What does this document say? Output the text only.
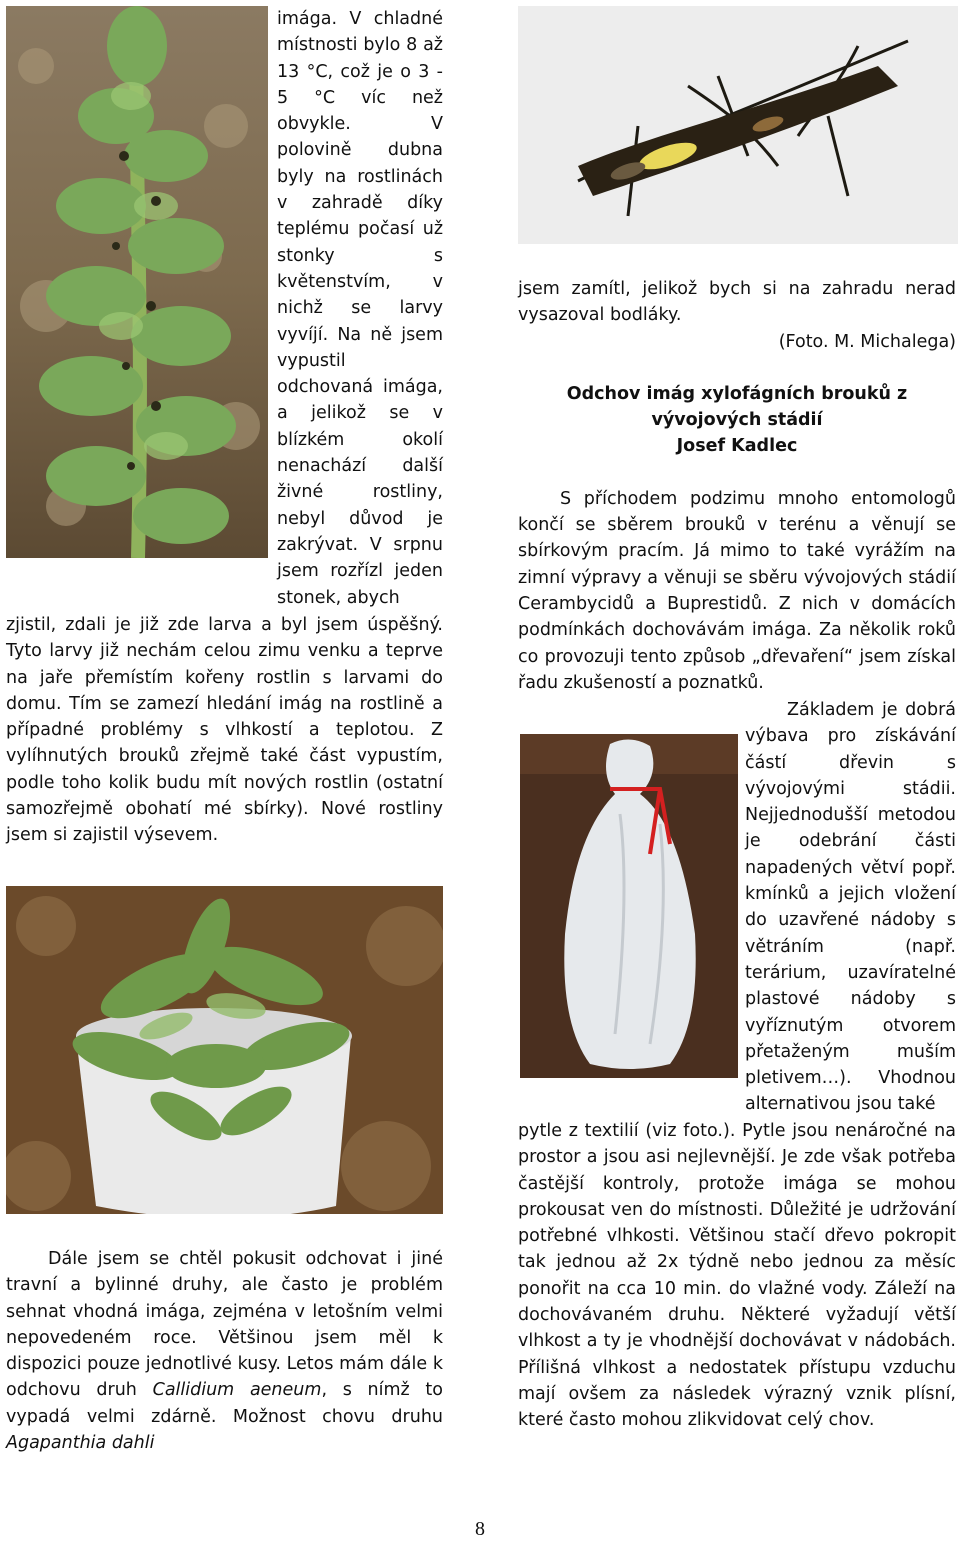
imága. V chladné místnosti bylo 8 až 13 °C, což je o 3 - 5 °C víc než obvykle. V polovině dubna byly na rostlinách v zahradě díky teplému počasí už stonky s květenstvím, v nichž se larvy vyvíjí. Na ně jsem vypustil odchovaná imága, a jelikož se v blízkém okolí nenachází další živné rostliny, nebyl důvod je zakrývat. V srpnu jsem rozřízl jeden stonek, abych

zjistil, zdali je již zde larva a byl jsem úspěšný. Tyto larvy již nechám celou zimu venku a teprve na jaře přemístím kořeny rostlin s larvami do domu. Tím se zamezí hledání imág na rostlině a případné problémy s vlhkostí a teplotou. Z vylíhnutých brouků zřejmě také část vypustím, podle toho kolik budu mít nových rostlin (ostatní samozřejmě obohatí mé sbírky). Nové rostliny jsem si zajistil výsevem.

Dále jsem se chtěl pokusit odchovat i jiné travní a bylinné druhy, ale často je problém sehnat vhodná imága, zejména v letošním velmi nepovedeném roce. Většinou jsem měl k dispozici pouze jednotlivé kusy. Letos mám dále k odchovu druh Callidium aeneum, s nímž to vypadá velmi zdárně. Možnost chovu druhu Agapanthia dahli

jsem zamítl, jelikož bych si na zahradu nerad vysazoval bodláky.

(Foto. M. Michalega)

Odchov imág xylofágních brouků z vývojových stádií

Josef Kadlec

S příchodem podzimu mnoho entomologů končí se sběrem brouků v terénu a věnují se sbírkovým pracím. Já mimo to také vyrážím na zimní výpravy a věnuji se sběru vývojových stádií Cerambycidů a Buprestidů. Z nich v domácích podmínkách dochovávám imága. Za několik roků co provozuji tento způsob „dřevaření“ jsem získal řadu zkušeností a poznatků.

Základem je dobrá výbava pro získávání částí dřevin s vývojovými stádii. Nejjednodušší metodou je odebrání části napadených větví popř. kmínků a jejich vložení do uzavřené nádoby s větráním (např. terárium, uzavíratelné plastové nádoby s vyříznutým otvorem přetaženým muším pletivem…). Vhodnou alternativou jsou také

pytle z textilií (viz foto.). Pytle jsou nenáročné na prostor a jsou asi nejlevnější. Je zde však potřeba častější kontroly, protože imága se mohou prokousat ven do místnosti. Důležité je udržování potřebné vlhkosti. Většinou stačí dřevo pokropit tak jednou až 2x týdně nebo jednou za měsíc ponořit na cca 10 min. do vlažné vody. Záleží na dochovávaném druhu. Některé vyžadují větší vlhkost a ty je vhodnější dochovávat v nádobách. Přílišná vlhkost a nedostatek přístupu vzduchu mají ovšem za následek výrazný vznik plísní, které často mohou zlikvidovat celý chov.

8
